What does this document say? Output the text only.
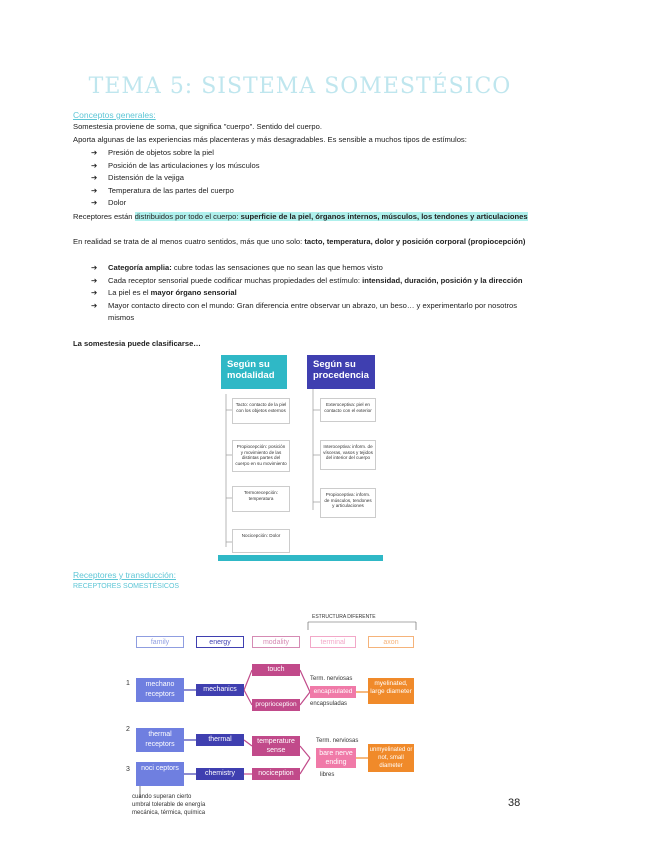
TEMA 5: SISTEMA SOMESTÉSICO
Conceptos generales:
Somestesia proviene de soma, que significa "cuerpo". Sentido del cuerpo.
Aporta algunas de las experiencias más placenteras y más desagradables. Es sensible a muchos tipos de estímulos:
➔ Presión de objetos sobre la piel
➔ Posición de las articulaciones y los músculos
➔ Distensión de la vejiga
➔ Temperatura de las partes del cuerpo
➔ Dolor
Receptores están distribuidos por todo el cuerpo: superficie de la piel, órganos internos, músculos, los tendones y articulaciones
En realidad se trata de al menos cuatro sentidos, más que uno solo: tacto, temperatura, dolor y posición corporal (propiocepción)
➔ Categoría amplia: cubre todas las sensaciones que no sean las que hemos visto
➔	Cada receptor sensorial puede codificar muchas propiedades del estímulo: intensidad, duración, posición y la dirección
➔ La piel es el mayor órgano sensorial
➔	Mayor contacto directo con el mundo: Gran diferencia entre observar un abrazo, un beso… y experimentarlo por nosotros mismos
La somestesia puede clasificarse…
Según su modalidad
Según su procedencia
Tacto: contacto de la piel con los objetos externos
Propiocepción: posición y movimiento de las distintas partes del cuerpo en su movimiento
Termorecepción: temperatura
Nocicepción: Dolor
Exteroceptiva: piel en contacto con el exterior
Interoceptiva: inform. de vísceras, vasos y tejidos del interior del cuerpo
Propioceptiva: inform. de músculos, tendones y articulaciones
Receptores y transducción:
RECEPTORES SOMESTÉSICOS
ESTRUCTURA DIFERENTE
family	energy	modality	terminal	axon
1
2
3
mechano receptors
thermal receptors
noci ceptors
mechanics
thermal
chemistry
touch
proprioception
temperature sense
nociception
Term. nerviosas
encapsulated
encapsuladas
Term. nerviosas
bare nerve ending
libres
myelinated, large diameter
unmyelinated or not, small diameter
cuando superan cierto
umbral tolerable de energía
mecánica, térmica, química
38
